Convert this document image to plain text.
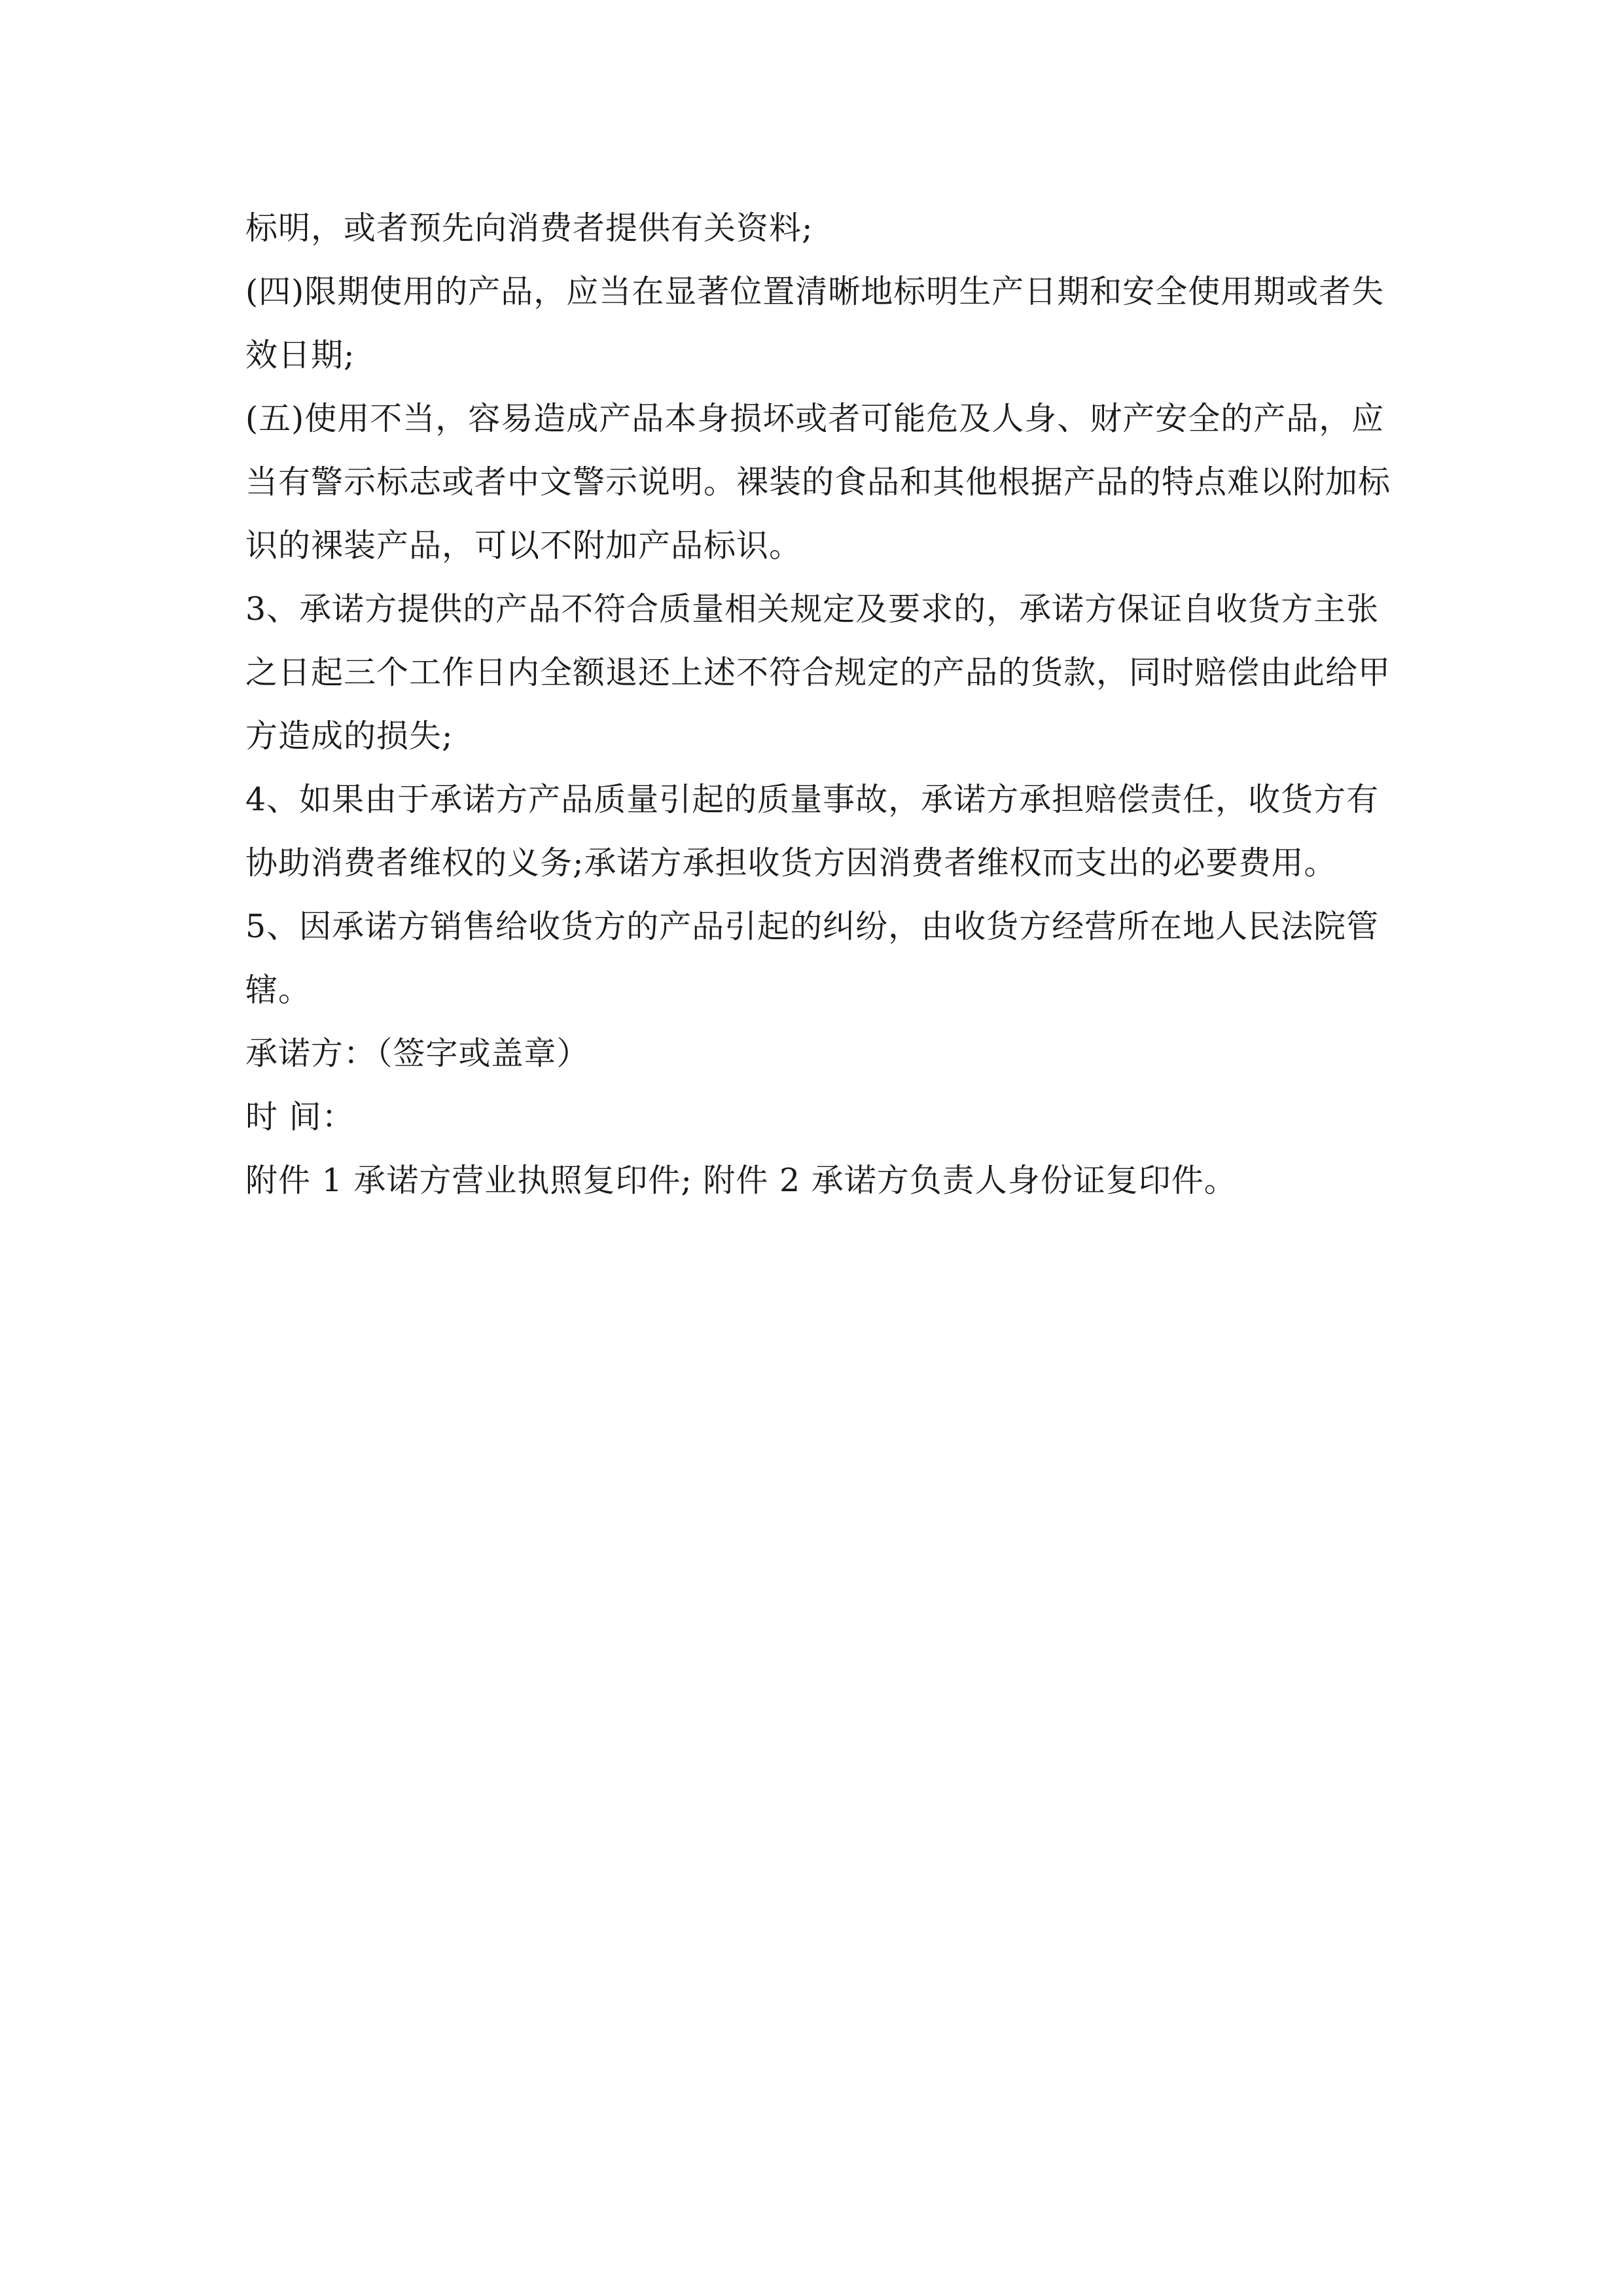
标明，或者预先向消费者提供有关资料;
(四)限期使用的产品，应当在显著位置清晰地标明生产日期和安全使用期或者失
效日期;
(五)使用不当，容易造成产品本身损坏或者可能危及人身、财产安全的产品，应
当有警示标志或者中文警示说明。裸装的食品和其他根据产品的特点难以附加标
识的裸装产品，可以不附加产品标识。
3、承诺方提供的产品不符合质量相关规定及要求的，承诺方保证自收货方主张
之日起三个工作日内全额退还上述不符合规定的产品的货款，同时赔偿由此给甲
方造成的损失;
4、如果由于承诺方产品质量引起的质量事故，承诺方承担赔偿责任，收货方有
协助消费者维权的义务;承诺方承担收货方因消费者维权而支出的必要费用。
5、因承诺方销售给收货方的产品引起的纠纷，由收货方经营所在地人民法院管
辖。
承诺方：（签字或盖章）
时 间：
附件 1 承诺方营业执照复印件; 附件 2 承诺方负责人身份证复印件。
